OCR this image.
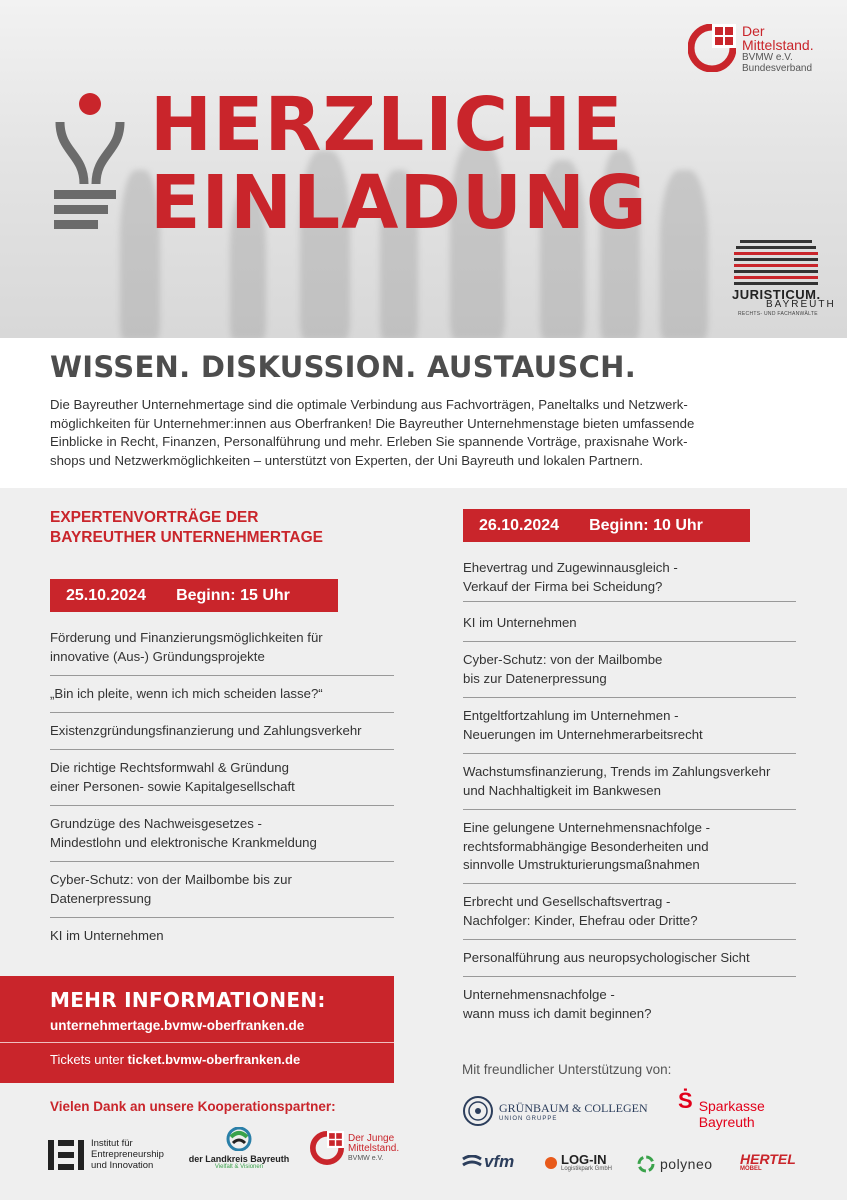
HERZLICHE
EINLADUNG
Der
Mittelstand.
BVMW e.V.
Bundesverband
JURISTICUM.
BAYREUTH
RECHTS- UND FACHANWÄLTE
WISSEN. DISKUSSION. AUSTAUSCH.
Die Bayreuther Unternehmertage sind die optimale Verbindung aus Fachvorträgen, Paneltalks und Netzwerk-
möglichkeiten für Unternehmer:innen aus Oberfranken! Die Bayreuther Unternehmenstage bieten umfassende
Einblicke in Recht, Finanzen, Personalführung und mehr. Erleben Sie spannende Vorträge, praxisnahe Work-
shops und Netzwerkmöglichkeiten – unterstützt von Experten, der Uni Bayreuth und lokalen Partnern.
EXPERTENVORTRÄGE DER
BAYREUTHER UNTERNEHMERTAGE
25.10.2024 Beginn: 15 Uhr
Förderung und Finanzierungsmöglichkeiten für
innovative (Aus-) Gründungsprojekte
„Bin ich pleite, wenn ich mich scheiden lasse?“
Existenzgründungsfinanzierung und Zahlungsverkehr
Die richtige Rechtsformwahl & Gründung
einer Personen- sowie Kapitalgesellschaft
Grundzüge des Nachweisgesetzes -
Mindestlohn und elektronische Krankmeldung
Cyber-Schutz: von der Mailbombe bis zur
Datenerpressung
KI im Unternehmen
26.10.2024 Beginn: 10 Uhr
Ehevertrag und Zugewinnausgleich -
Verkauf der Firma bei Scheidung?
KI im Unternehmen
Cyber-Schutz: von der Mailbombe
bis zur Datenerpressung
Entgeltfortzahlung im Unternehmen -
Neuerungen im Unternehmerarbeitsrecht
Wachstumsfinanzierung, Trends im Zahlungsverkehr
und Nachhaltigkeit im Bankwesen
Eine gelungene Unternehmensnachfolge -
rechtsformabhängige Besonderheiten und
sinnvolle Umstrukturierungsmaßnahmen
Erbrecht und Gesellschaftsvertrag -
Nachfolger: Kinder, Ehefrau oder Dritte?
Personalführung aus neuropsychologischer Sicht
Unternehmensnachfolge -
wann muss ich damit beginnen?
MEHR INFORMATIONEN:
unternehmertage.bvmw-oberfranken.de
Tickets unter ticket.bvmw-oberfranken.de
Vielen Dank an unsere Kooperationspartner:
Institut für
Entrepreneurship
und Innovation
der Landkreis Bayreuth
Vielfalt & Visionen
Der Junge
Mittelstand.
BVMW e.V.
Mit freundlicher Unterstützung von:
GRÜNBAUM & COLLEGEN
UNION GRUPPE
Ṡ Sparkasse
Bayreuth
vfm	LOG-IN
Logistikpark GmbH	polyneo HERTEL
MÖBEL
